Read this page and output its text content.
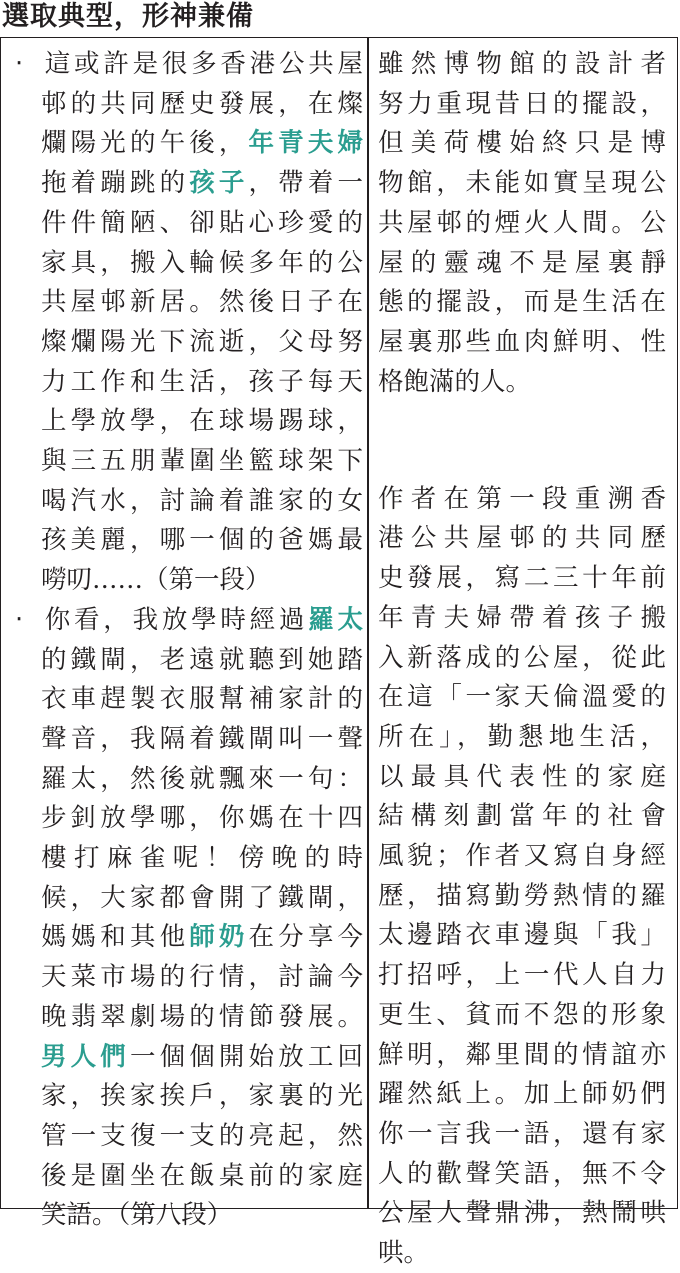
選取典型，形神兼備
‧ 這或許是很多香港公共屋
邨的共同歷史發展，在燦
爛陽光的午後，年青夫婦
拖着蹦跳的孩子，帶着一
件件簡陋、卻貼心珍愛的
家具，搬入輪候多年的公
共屋邨新居。然後日子在
燦爛陽光下流逝，父母努
力工作和生活，孩子每天
上學放學，在球場踢球，
與三五朋輩圍坐籃球架下
喝汽水，討論着誰家的女
孩美麗，哪一個的爸媽最
嘮叨……（第一段）
‧ 你看，我放學時經過羅太
的鐵閘，老遠就聽到她踏
衣車趕製衣服幫補家計的
聲音，我隔着鐵閘叫一聲
羅太，然後就飄來一句：
步釗放學哪，你媽在十四
樓打麻雀呢！傍晚的時
候，大家都會開了鐵閘，
媽媽和其他師奶在分享今
天菜市場的行情，討論今
晚翡翠劇場的情節發展。
男人們一個個開始放工回
家，挨家挨戶，家裏的光
管一支復一支的亮起，然
後是圍坐在飯桌前的家庭
笑語。（第八段）
雖然博物館的設計者
努力重現昔日的擺設，
但美荷樓始終只是博
物館，未能如實呈現公
共屋邨的煙火人間。公
屋的靈魂不是屋裏靜
態的擺設，而是生活在
屋裏那些血肉鮮明、性
格飽滿的人。
作者在第一段重溯香
港公共屋邨的共同歷
史發展，寫二三十年前
年青夫婦帶着孩子搬
入新落成的公屋，從此
在這「一家天倫溫愛的
所在」，勤懇地生活，
以最具代表性的家庭
結構刻劃當年的社會
風貌；作者又寫自身經
歷，描寫勤勞熱情的羅
太邊踏衣車邊與「我」
打招呼，上一代人自力
更生、貧而不怨的形象
鮮明，鄰里間的情誼亦
躍然紙上。加上師奶們
你一言我一語，還有家
人的歡聲笑語，無不令
公屋人聲鼎沸，熱鬧哄
哄。
